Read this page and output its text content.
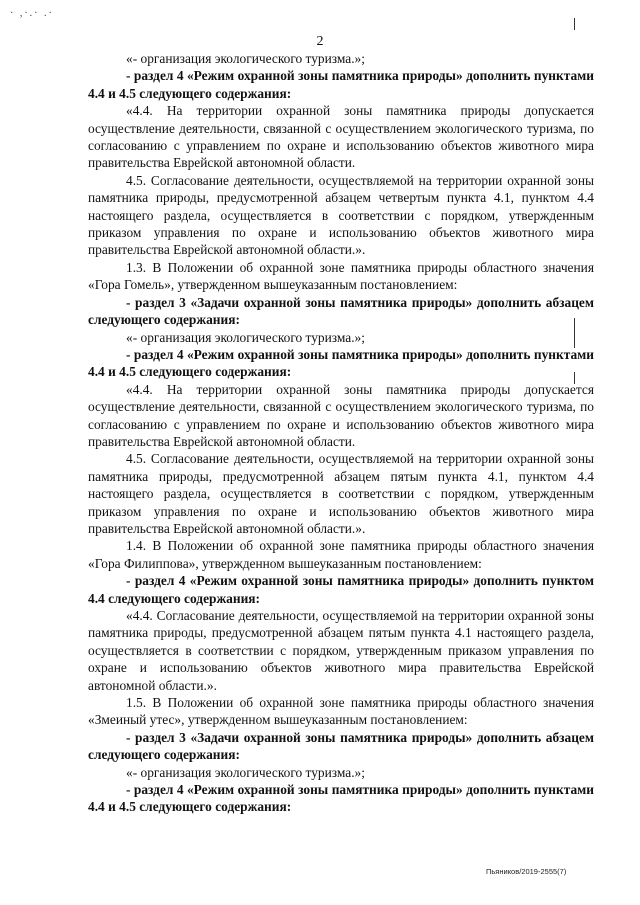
· ,·.· .·
2

«- организация экологического туризма.»;

- раздел 4 «Режим охранной зоны памятника природы» дополнить пунктами 4.4 и 4.5 следующего содержания:

«4.4. На территории охранной зоны памятника природы допускается осуществление деятельности, связанной с осуществлением экологического туризма, по согласованию с управлением по охране и использованию объектов животного мира правительства Еврейской автономной области.

4.5. Согласование деятельности, осуществляемой на территории охранной зоны памятника природы, предусмотренной абзацем четвертым пункта 4.1, пунктом 4.4 настоящего раздела, осуществляется в соответствии с порядком, утвержденным приказом управления по охране и использованию объектов животного мира правительства Еврейской автономной области.».

1.3. В Положении об охранной зоне памятника природы областного значения «Гора Гомель», утвержденном вышеуказанным постановлением:

- раздел 3 «Задачи охранной зоны памятника природы» дополнить абзацем следующего содержания:

«- организация экологического туризма.»;

- раздел 4 «Режим охранной зоны памятника природы» дополнить пунктами 4.4 и 4.5 следующего содержания:

«4.4. На территории охранной зоны памятника природы допускается осуществление деятельности, связанной с осуществлением экологического туризма, по согласованию с управлением по охране и использованию объектов животного мира правительства Еврейской автономной области.

4.5. Согласование деятельности, осуществляемой на территории охранной зоны памятника природы, предусмотренной абзацем пятым пункта 4.1, пунктом 4.4 настоящего раздела, осуществляется в соответствии с порядком, утвержденным приказом управления по охране и использованию объектов животного мира правительства Еврейской автономной области.».

1.4. В Положении об охранной зоне памятника природы областного значения «Гора Филиппова», утвержденном вышеуказанным постановлением:

- раздел 4 «Режим охранной зоны памятника природы» дополнить пунктом 4.4 следующего содержания:

«4.4. Согласование деятельности, осуществляемой на территории охранной зоны памятника природы, предусмотренной абзацем пятым пункта 4.1 настоящего раздела, осуществляется в соответствии с порядком, утвержденным приказом управления по охране и использованию объектов животного мира правительства Еврейской автономной области.».

1.5. В Положении об охранной зоне памятника природы областного значения «Змеиный утес», утвержденном вышеуказанным постановлением:

- раздел 3 «Задачи охранной зоны памятника природы» дополнить абзацем следующего содержания:

«- организация экологического туризма.»;

- раздел 4 «Режим охранной зоны памятника природы» дополнить пунктами 4.4 и 4.5 следующего содержания:

Пьяников/2019-2555(7)
